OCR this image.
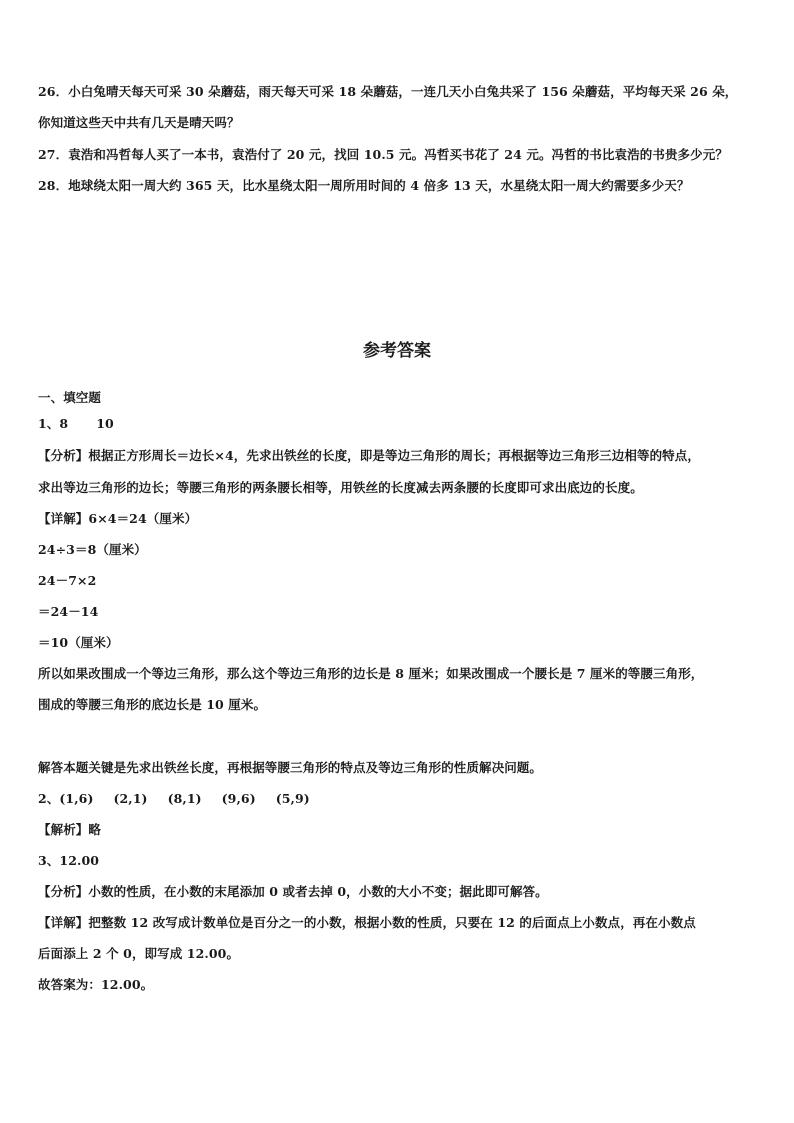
26．小白兔晴天每天可采 30 朵蘑菇，雨天每天可采 18 朵蘑菇，一连几天小白兔共采了 156 朵蘑菇，平均每天采 26 朵，
你知道这些天中共有几天是晴天吗？
27．袁浩和冯哲每人买了一本书，袁浩付了 20 元，找回 10.5 元。冯哲买书花了 24 元。冯哲的书比袁浩的书贵多少元？
28．地球绕太阳一周大约 365 天，比水星绕太阳一周所用时间的 4 倍多 13 天，水星绕太阳一周大约需要多少天？
参考答案
一、填空题
1、8 10
【分析】根据正方形周长＝边长×4，先求出铁丝的长度，即是等边三角形的周长；再根据等边三角形三边相等的特点，
求出等边三角形的边长；等腰三角形的两条腰长相等，用铁丝的长度减去两条腰的长度即可求出底边的长度。
【详解】6×4＝24（厘米）
24÷3＝8（厘米）
24－7×2
＝24－14
＝10（厘米）
所以如果改围成一个等边三角形，那么这个等边三角形的边长是 8 厘米；如果改围成一个腰长是 7 厘米的等腰三角形，
围成的等腰三角形的底边长是 10 厘米。
解答本题关键是先求出铁丝长度，再根据等腰三角形的特点及等边三角形的性质解决问题。
2、(1,6) (2,1) (8,1) (9,6) (5,9)
【解析】略
3、12.00
【分析】小数的性质，在小数的末尾添加 0 或者去掉 0，小数的大小不变；据此即可解答。
【详解】把整数 12 改写成计数单位是百分之一的小数，根据小数的性质，只要在 12 的后面点上小数点，再在小数点
后面添上 2 个 0，即写成 12.00。
故答案为：12.00。
